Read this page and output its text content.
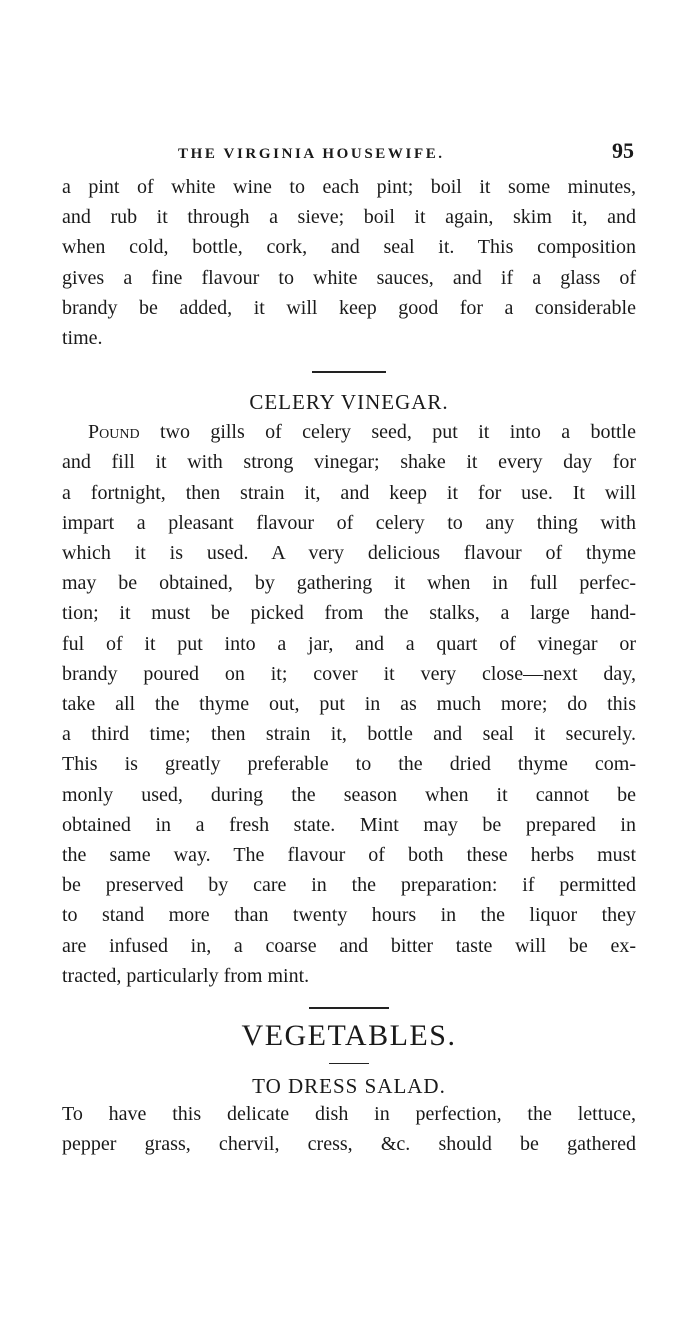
THE VIRGINIA HOUSEWIFE.	95
a pint of white wine to each pint; boil it some minutes,
and rub it through a sieve; boil it again, skim it, and
when cold, bottle, cork, and seal it. This composition
gives a fine flavour to white sauces, and if a glass of
brandy be added, it will keep good for a considerable
time.
CELERY VINEGAR.
Pound two gills of celery seed, put it into a bottle
and fill it with strong vinegar; shake it every day for
a fortnight, then strain it, and keep it for use. It will
impart a pleasant flavour of celery to any thing with
which it is used. A very delicious flavour of thyme
may be obtained, by gathering it when in full perfec-
tion; it must be picked from the stalks, a large hand-
ful of it put into a jar, and a quart of vinegar or
brandy poured on it; cover it very close—next day,
take all the thyme out, put in as much more; do this
a third time; then strain it, bottle and seal it securely.
This is greatly preferable to the dried thyme com-
monly used, during the season when it cannot be
obtained in a fresh state. Mint may be prepared in
the same way. The flavour of both these herbs must
be preserved by care in the preparation: if permitted
to stand more than twenty hours in the liquor they
are infused in, a coarse and bitter taste will be ex-
tracted, particularly from mint.
VEGETABLES.
TO DRESS SALAD.
To have this delicate dish in perfection, the lettuce,
pepper grass, chervil, cress, &c. should be gathered
